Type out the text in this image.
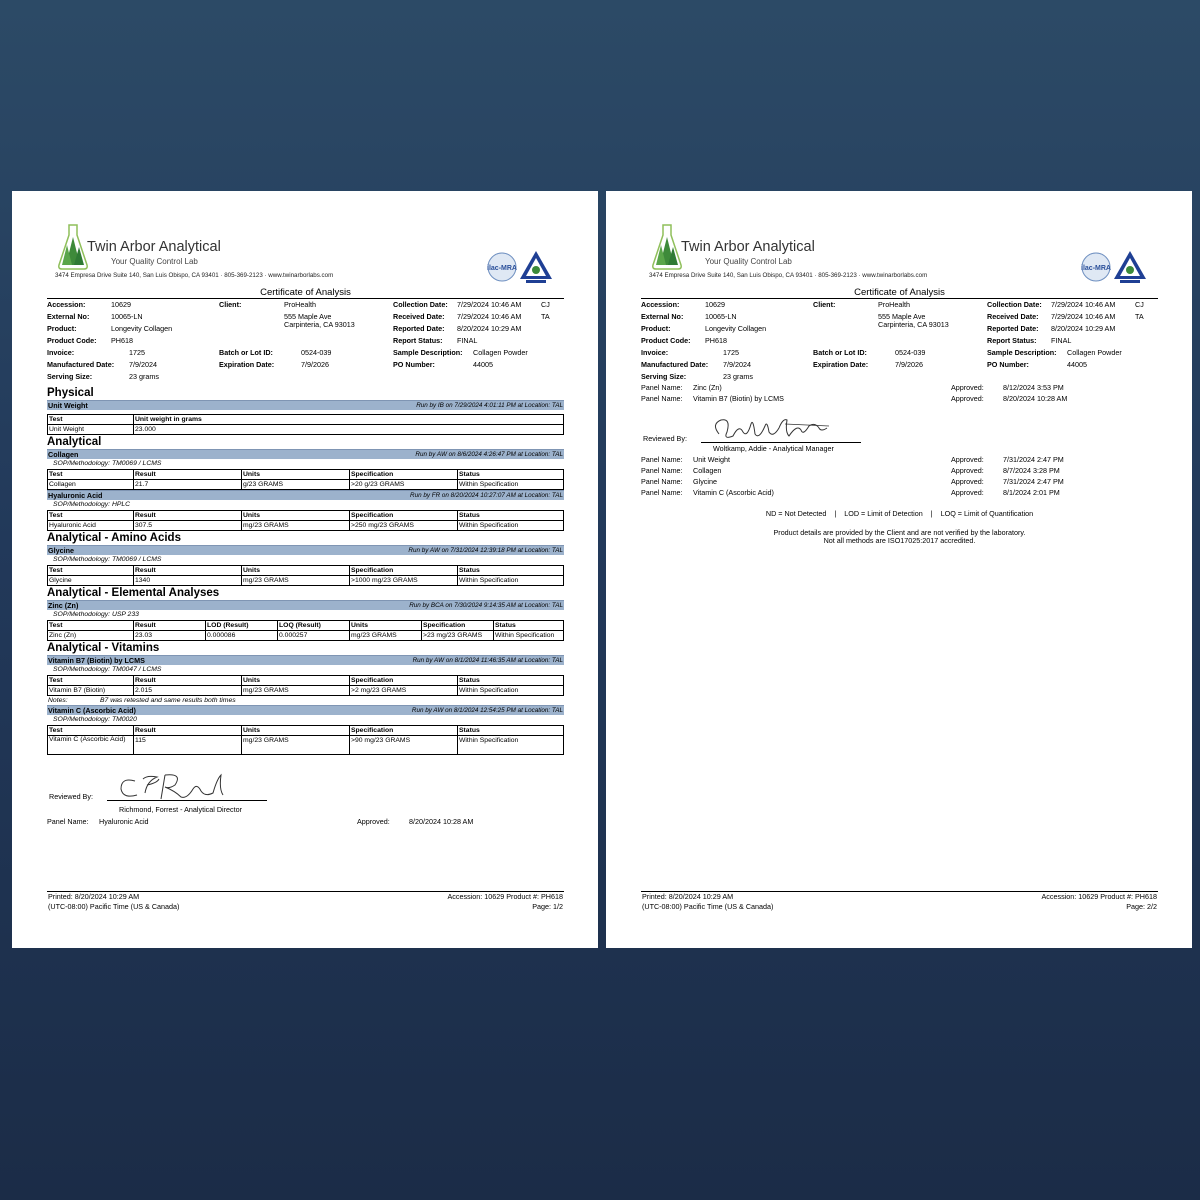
Twin Arbor Analytical
Your Quality Control Lab
3474 Empresa Drive Suite 140, San Luis Obispo, CA 93401 · 805-369-2123 · www.twinarborlabs.com
ilac-MRA
Certificate of Analysis
Accession:	10629
External No:	10065-LN
Product:	Longevity Collagen
Product Code: PH618
Invoice:	1725
Manufactured Date: 7/9/2024
Serving Size:	23 grams
Client:	ProHealth
555 Maple Ave
Carpinteria, CA 93013
Batch or Lot ID:	0524-039
Expiration Date:	7/9/2026
Collection Date: 7/29/2024 10:46 AM	CJ
Received Date: 7/29/2024 10:46 AM	TA
Reported Date: 8/20/2024 10:29 AM
Report Status: FINAL
Sample Description: Collagen Powder
PO Number:	44005
Physical
Unit Weight	Run by IB on 7/29/2024 4:01:11 PM at Location: TAL
Test	Unit weight in grams
Unit Weight	23.000
Analytical
Collagen	Run by AW on 8/6/2024 4:26:47 PM at Location: TAL
SOP/Methodology: TM0069 / LCMS
Test	Result	Units	Specification	Status
Collagen	21.7	g/23 GRAMS	>20 g/23 GRAMS	Within Specification
Hyaluronic Acid	Run by FR on 8/20/2024 10:27:07 AM at Location: TAL
SOP/Methodology: HPLC
Test	Result	Units	Specification	Status
Hyaluronic Acid	307.5	mg/23 GRAMS	>250 mg/23 GRAMS	Within Specification
Analytical - Amino Acids
Glycine	Run by AW on 7/31/2024 12:39:18 PM at Location: TAL
SOP/Methodology: TM0069 / LCMS
Test	Result	Units	Specification	Status
Glycine	1340	mg/23 GRAMS	>1000 mg/23 GRAMS	Within Specification
Analytical - Elemental Analyses
Zinc (Zn)	Run by BCA on 7/30/2024 9:14:35 AM at Location: TAL
SOP/Methodology: USP 233
Test	Result	LOD (Result)	LOQ (Result)	Units	Specification	Status
Zinc (Zn)	23.03	0.000086	0.000257	mg/23 GRAMS	>23 mg/23 GRAMS	Within Specification
Analytical - Vitamins
Vitamin B7 (Biotin) by LCMS	Run by AW on 8/1/2024 11:46:35 AM at Location: TAL
SOP/Methodology: TM0047 / LCMS
Test	Result	Units	Specification	Status
Vitamin B7 (Biotin)	2.015	mg/23 GRAMS	>2 mg/23 GRAMS	Within Specification
Notes:	B7 was retested and same results both times
Vitamin C (Ascorbic Acid)	Run by AW on 8/1/2024 12:54:25 PM at Location: TAL
SOP/Methodology: TM0020
Test	Result	Units	Specification	Status
Vitamin C (Ascorbic Acid)	115	mg/23 GRAMS	>90 mg/23 GRAMS	Within Specification
Reviewed By:
Richmond, Forrest - Analytical Director
Panel Name: Hyaluronic Acid	Approved:	8/20/2024 10:28 AM
Printed: 8/20/2024 10:29 AM
(UTC-08:00) Pacific Time (US & Canada)
Accession: 10629 Product #: PH618
Page: 1/2
Twin Arbor Analytical
Your Quality Control Lab
3474 Empresa Drive Suite 140, San Luis Obispo, CA 93401 · 805-369-2123 · www.twinarborlabs.com
ilac-MRA
Certificate of Analysis
Accession:	10629
External No:	10065-LN
Product:	Longevity Collagen
Product Code: PH618
Invoice:	1725
Manufactured Date: 7/9/2024
Serving Size:	23 grams
Client:	ProHealth
555 Maple Ave
Carpinteria, CA 93013
Batch or Lot ID:	0524-039
Expiration Date:	7/9/2026
Collection Date: 7/29/2024 10:46 AM	CJ
Received Date: 7/29/2024 10:46 AM	TA
Reported Date: 8/20/2024 10:29 AM
Report Status: FINAL
Sample Description: Collagen Powder
PO Number:	44005
Panel Name: Zinc (Zn)	Approved:	8/12/2024 3:53 PM
Panel Name: Vitamin B7 (Biotin) by LCMS	Approved:	8/20/2024 10:28 AM
Reviewed By:
Woltkamp, Addie - Analytical Manager
Panel Name: Unit Weight	Approved:	7/31/2024 2:47 PM
Panel Name: Collagen	Approved:	8/7/2024 3:28 PM
Panel Name: Glycine	Approved:	7/31/2024 2:47 PM
Panel Name: Vitamin C (Ascorbic Acid)	Approved:	8/1/2024 2:01 PM
ND = Not Detected    |    LOD = Limit of Detection    |    LOQ = Limit of Quantification
Product details are provided by the Client and are not verified by the laboratory.
Not all methods are ISO17025:2017 accredited.
Printed: 8/20/2024 10:29 AM
(UTC-08:00) Pacific Time (US & Canada)
Accession: 10629 Product #: PH618
Page: 2/2
